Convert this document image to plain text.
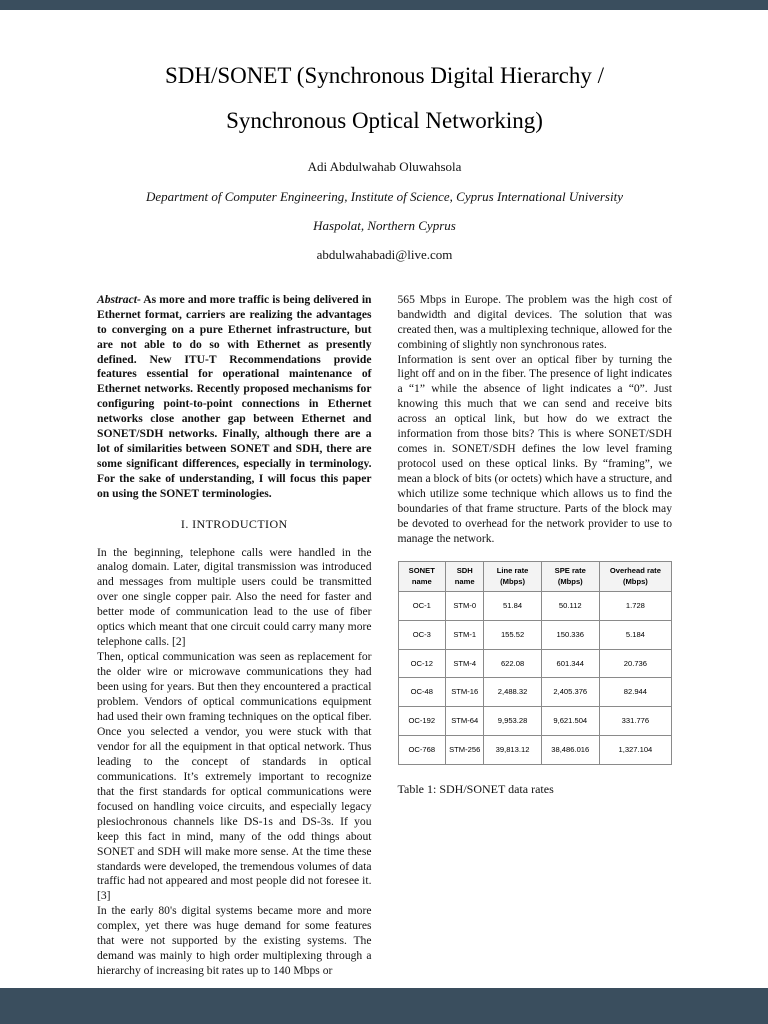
SDH/SONET (Synchronous Digital Hierarchy /
Synchronous Optical Networking)
Adi Abdulwahab Oluwahsola
Department of Computer Engineering, Institute of Science, Cyprus International University
Haspolat, Northern Cyprus
abdulwahabadi@live.com

Abstract- As more and more traffic is being delivered in Ethernet format, carriers are realizing the advantages to converging on a pure Ethernet infrastructure, but are not able to do so with Ethernet as presently defined. New ITU-T Recommendations provide features essential for operational maintenance of Ethernet networks. Recently proposed mechanisms for configuring point-to-point connections in Ethernet networks close another gap between Ethernet and SONET/SDH networks. Finally, although there are a lot of similarities between SONET and SDH, there are some significant differences, especially in terminology. For the sake of understanding, I will focus this paper on using the SONET terminologies.

I. INTRODUCTION

In the beginning, telephone calls were handled in the analog domain. Later, digital transmission was introduced and messages from multiple users could be transmitted over one single copper pair. Also the need for faster and better mode of communication lead to the use of fiber optics which meant that one circuit could carry many more telephone calls. [2]

Then, optical communication was seen as replacement for the older wire or microwave communications they had been using for years. But then they encountered a practical problem. Vendors of optical communications equipment had used their own framing techniques on the optical fiber. Once you selected a vendor, you were stuck with that vendor for all the equipment in that optical network. Thus leading to the concept of standards in optical communications. It’s extremely important to recognize that the first standards for optical communications were focused on handling voice circuits, and especially legacy plesiochronous channels like DS-1s and DS-3s. If you keep this fact in mind, many of the odd things about SONET and SDH will make more sense. At the time these standards were developed, the tremendous volumes of data traffic had not appeared and most people did not foresee it.[3]

In the early 80's digital systems became more and more complex, yet there was huge demand for some features that were not supported by the existing systems. The demand was mainly to high order multiplexing through a hierarchy of increasing bit rates up to 140 Mbps or

565 Mbps in Europe. The problem was the high cost of bandwidth and digital devices. The solution that was created then, was a multiplexing technique, allowed for the combining of slightly non synchronous rates.

Information is sent over an optical fiber by turning the light off and on in the fiber. The presence of light indicates a “1” while the absence of light indicates a “0”. Just knowing this much that we can send and receive bits across an optical link, but how do we extract the information from those bits? This is where SONET/SDH comes in. SONET/SDH defines the low level framing protocol used on these optical links. By “framing”, we mean a block of bits (or octets) which have a structure, and which utilize some technique which allows us to find the boundaries of that frame structure. Parts of the block may be devoted to overhead for the network provider to use to manage the network.

SONET name	SDH name	Line rate (Mbps)	SPE rate (Mbps)	Overhead rate (Mbps)
OC-1	STM-0	51.84	50.112	1.728
OC-3	STM-1	155.52	150.336	5.184
OC-12	STM-4	622.08	601.344	20.736
OC-48	STM-16	2,488.32	2,405.376	82.944
OC-192	STM-64	9,953.28	9,621.504	331.776
OC-768	STM-256	39,813.12	38,486.016	1,327.104
Table 1: SDH/SONET data rates
